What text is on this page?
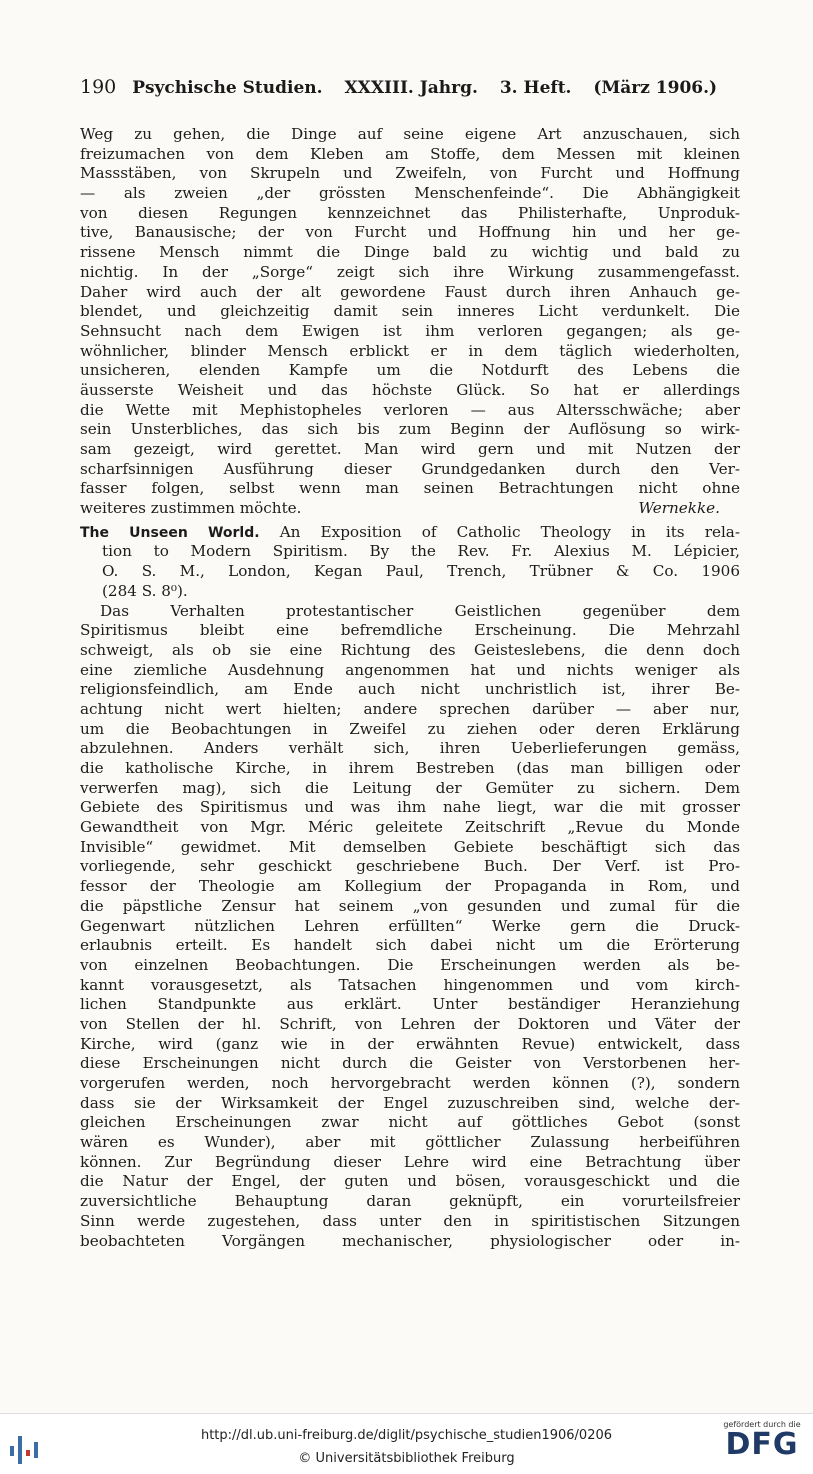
190 Psychische Studien. XXXIII. Jahrg. 3. Heft. (März 1906.)
Weg zu gehen, die Dinge auf seine eigene Art anzuschauen, sich
freizumachen von dem Kleben am Stoffe, dem Messen mit kleinen
Massstäben, von Skrupeln und Zweifeln, von Furcht und Hoffnung
— als zweien „der grössten Menschenfeinde“. Die Abhängigkeit
von diesen Regungen kennzeichnet das Philisterhafte, Unproduk-
tive, Banausische; der von Furcht und Hoffnung hin und her ge-
rissene Mensch nimmt die Dinge bald zu wichtig und bald zu
nichtig. In der „Sorge“ zeigt sich ihre Wirkung zusammengefasst.
Daher wird auch der alt gewordene Faust durch ihren Anhauch ge-
blendet, und gleichzeitig damit sein inneres Licht verdunkelt. Die
Sehnsucht nach dem Ewigen ist ihm verloren gegangen; als ge-
wöhnlicher, blinder Mensch erblickt er in dem täglich wiederholten,
unsicheren, elenden Kampfe um die Notdurft des Lebens die
äusserste Weisheit und das höchste Glück. So hat er allerdings
die Wette mit Mephistopheles verloren — aus Altersschwäche; aber
sein Unsterbliches, das sich bis zum Beginn der Auflösung so wirk-
sam gezeigt, wird gerettet. Man wird gern und mit Nutzen der
scharfsinnigen Ausführung dieser Grundgedanken durch den Ver-
fasser folgen, selbst wenn man seinen Betrachtungen nicht ohne
weiteres zustimmen möchte.	Wernekke.
The Unseen World. An Exposition of Catholic Theology in its rela-
tion to Modern Spiritism. By the Rev. Fr. Alexius M. Lépicier,
O. S. M., London, Kegan Paul, Trench, Trübner & Co. 1906
(284 S. 8⁰).
Das Verhalten protestantischer Geistlichen gegenüber dem
Spiritismus bleibt eine befremdliche Erscheinung. Die Mehrzahl
schweigt, als ob sie eine Richtung des Geisteslebens, die denn doch
eine ziemliche Ausdehnung angenommen hat und nichts weniger als
religionsfeindlich, am Ende auch nicht unchristlich ist, ihrer Be-
achtung nicht wert hielten; andere sprechen darüber — aber nur,
um die Beobachtungen in Zweifel zu ziehen oder deren Erklärung
abzulehnen. Anders verhält sich, ihren Ueberlieferungen gemäss,
die katholische Kirche, in ihrem Bestreben (das man billigen oder
verwerfen mag), sich die Leitung der Gemüter zu sichern. Dem
Gebiete des Spiritismus und was ihm nahe liegt, war die mit grosser
Gewandtheit von Mgr. Méric geleitete Zeitschrift „Revue du Monde
Invisible“ gewidmet. Mit demselben Gebiete beschäftigt sich das
vorliegende, sehr geschickt geschriebene Buch. Der Verf. ist Pro-
fessor der Theologie am Kollegium der Propaganda in Rom, und
die päpstliche Zensur hat seinem „von gesunden und zumal für die
Gegenwart nützlichen Lehren erfüllten“ Werke gern die Druck-
erlaubnis erteilt. Es handelt sich dabei nicht um die Erörterung
von einzelnen Beobachtungen. Die Erscheinungen werden als be-
kannt vorausgesetzt, als Tatsachen hingenommen und vom kirch-
lichen Standpunkte aus erklärt. Unter beständiger Heranziehung
von Stellen der hl. Schrift, von Lehren der Doktoren und Väter der
Kirche, wird (ganz wie in der erwähnten Revue) entwickelt, dass
diese Erscheinungen nicht durch die Geister von Verstorbenen her-
vorgerufen werden, noch hervorgebracht werden können (?), sondern
dass sie der Wirksamkeit der Engel zuzuschreiben sind, welche der-
gleichen Erscheinungen zwar nicht auf göttliches Gebot (sonst
wären es Wunder), aber mit göttlicher Zulassung herbeiführen
können. Zur Begründung dieser Lehre wird eine Betrachtung über
die Natur der Engel, der guten und bösen, vorausgeschickt und die
zuversichtliche Behauptung daran geknüpft, ein vorurteilsfreier
Sinn werde zugestehen, dass unter den in spiritistischen Sitzungen
beobachteten Vorgängen mechanischer, physiologischer oder in-
http://dl.ub.uni-freiburg.de/diglit/psychische_studien1906/0206
© Universitätsbibliothek Freiburg
gefördert durch die
DFG
